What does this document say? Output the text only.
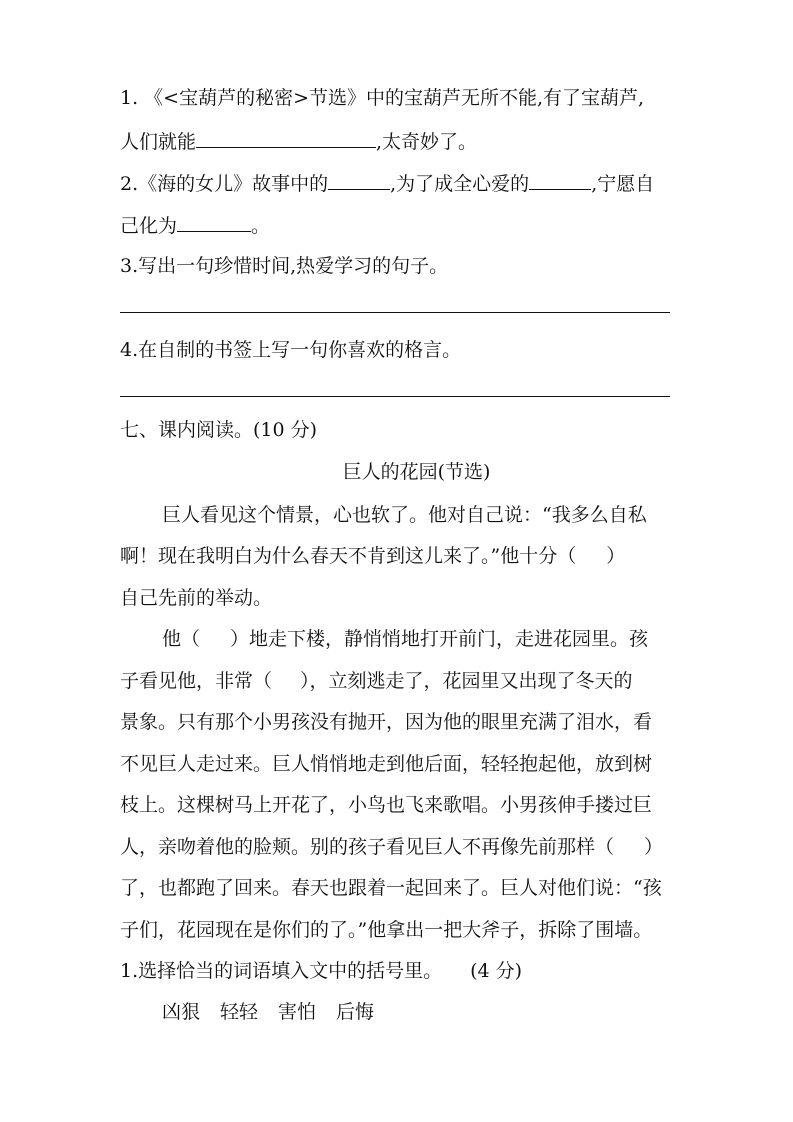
1. 《<宝葫芦的秘密>节选》中的宝葫芦无所不能,有了宝葫芦,
人们就能	,太奇妙了。
2.《海的女儿》故事中的	,为了成全心爱的	,宁愿自
己化为	。
3.写出一句珍惜时间,热爱学习的句子。
4.在自制的书签上写一句你喜欢的格言。
七、课内阅读。(10 分)
巨人的花园(节选)
巨人看见这个情景，心也软了。他对自己说：“我多么自私
啊！现在我明白为什么春天不肯到这儿来了。”他十分（ ）
自己先前的举动。
他（ ）地走下楼，静悄悄地打开前门，走进花园里。孩
子看见他，非常（ ），立刻逃走了，花园里又出现了冬天的
景象。只有那个小男孩没有抛开，因为他的眼里充满了泪水，看
不见巨人走过来。巨人悄悄地走到他后面，轻轻抱起他，放到树
枝上。这棵树马上开花了，小鸟也飞来歌唱。小男孩伸手搂过巨
人，亲吻着他的脸颊。别的孩子看见巨人不再像先前那样（ ）
了，也都跑了回来。春天也跟着一起回来了。巨人对他们说：“孩
子们，花园现在是你们的了。”他拿出一把大斧子，拆除了围墙。
1.选择恰当的词语填入文中的括号里。 (4 分)
凶狠 轻轻 害怕 后悔
